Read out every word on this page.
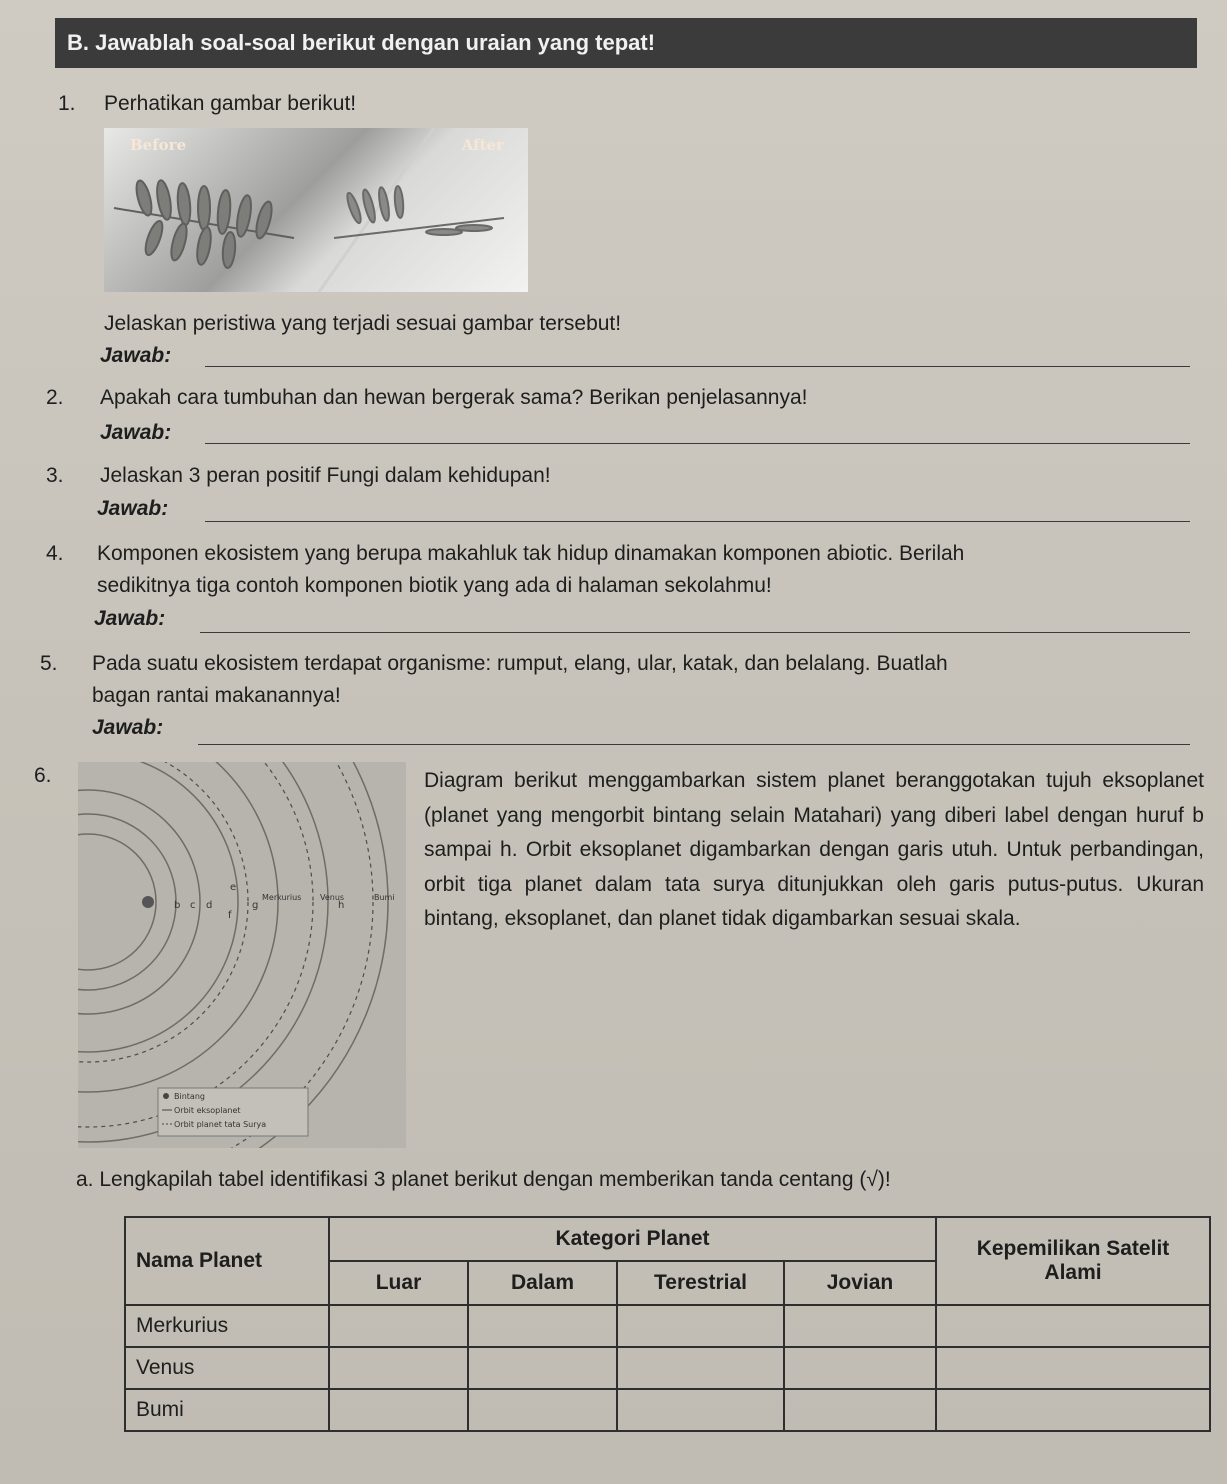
B. Jawablah soal-soal berikut dengan uraian yang tepat!
1. Perhatikan gambar berikut!
Before	After
Jelaskan peristiwa yang terjadi sesuai gambar tersebut!
Jawab:
2. Apakah cara tumbuhan dan hewan bergerak sama? Berikan penjelasannya!
Jawab:
3. Jelaskan 3 peran positif Fungi dalam kehidupan!
Jawab:
4. Komponen ekosistem yang berupa makahluk tak hidup dinamakan komponen abiotic. Berilah
sedikitnya tiga contoh komponen biotik yang ada di halaman sekolahmu!
Jawab:
5. Pada suatu ekosistem terdapat organisme: rumput, elang, ular, katak, dan belalang. Buatlah
bagan rantai makanannya!
Jawab:
6.
b c d
e
f
g	h
Merkurius Venus	Bumi
Bintang
Orbit eksoplanet
Orbit planet tata Surya
Diagram berikut menggambarkan sistem planet beranggotakan tujuh eksoplanet (planet yang mengorbit bintang selain Matahari) yang diberi label dengan huruf b sampai h. Orbit eksoplanet digambarkan dengan garis utuh. Untuk perbandingan, orbit tiga planet dalam tata surya ditunjukkan oleh garis putus-putus. Ukuran bintang, eksoplanet, dan planet tidak digambarkan sesuai skala.
a. Lengkapilah tabel identifikasi 3 planet berikut dengan memberikan tanda centang (√)!
Nama Planet	Kategori Planet				Kepemilikan Satelit Alami
	Luar	Dalam	Terestrial	Jovian	
Merkurius					
Venus					
Bumi					
